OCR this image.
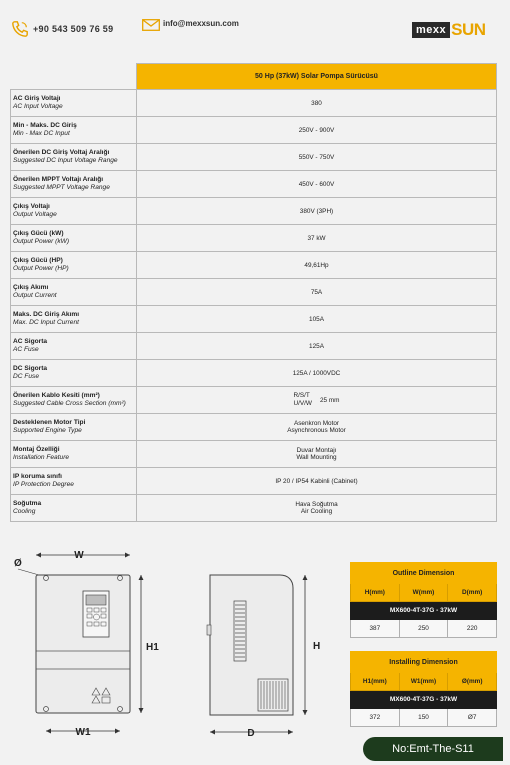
+90 543 509 76 59
info@mexxsun.com
mexx SUN
	50 Hp (37kW) Solar Pompa Sürücüsü

AC Giriş Voltajı
AC Input Voltage	380

Min - Maks. DC Giriş
Min - Max DC Input	250V - 900V

Önerilen DC Giriş Voltaj Aralığı
Suggested DC Input Voltage Range	550V - 750V

Önerilen MPPT Voltajı Aralığı
Suggested MPPT Voltage Range	450V - 600V

Çıkış Voltajı
Output Voltage	380V (3PH)

Çıkış Gücü (kW)
Output Power (kW)	37 kW

Çıkış Gücü (HP)
Output Power (HP)	49,61Hp

Çıkış Akımı
Output Current	75A

Maks. DC Giriş Akımı
Max. DC Input Current	105A

AC Sigorta
AC Fuse	125A

DC Sigorta
DC Fuse	125A / 1000VDC

Önerilen Kablo Kesiti (mm²)
Suggested Cable Cross Section (mm²)	R/S/T
U/V/W 25 mm

Desteklenen Motor Tipi
Supported Engine Type	Asenkron Motor
Asynchronous Motor

Montaj Özelliği
Installation Feature	Duvar Montajı
Wall Mounting

IP koruma sınıfı
IP Protection Degree	IP 20 / IP54 Kabinli (Cabinet)

Soğutma
Cooling	Hava Soğutma
Air Cooling
W
Ø
H1
W1
H
D
Outline Dimension		
H(mm)	W(mm)	D(mm)
MX600-4T-37G - 37kW		
387	250	220
Installing Dimension		
H1(mm)	W1(mm)	Ø(mm)
MX600-4T-37G - 37kW		
372	150	Ø7
No:Emt-The-S11
